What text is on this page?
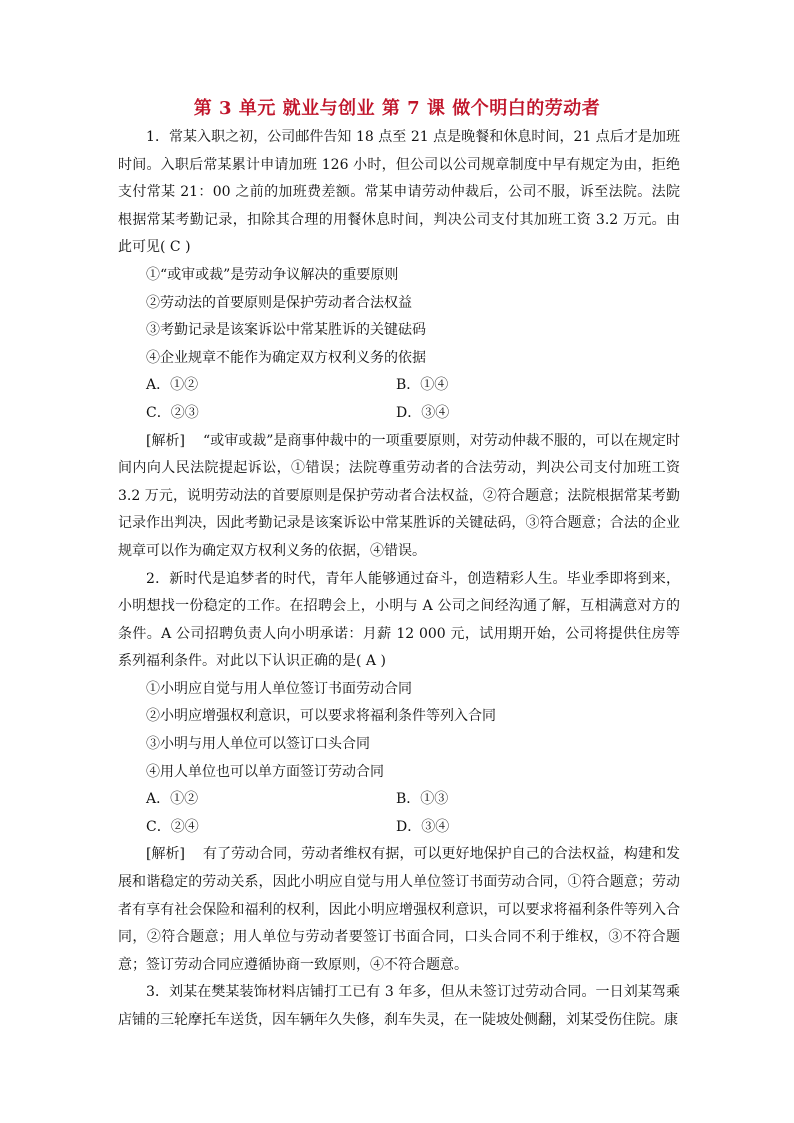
第 3 单元 就业与创业 第 7 课 做个明白的劳动者

1．常某入职之初，公司邮件告知 18 点至 21 点是晚餐和休息时间，21 点后才是加班时间。入职后常某累计申请加班 126 小时，但公司以公司规章制度中早有规定为由，拒绝支付常某 21：00 之前的加班费差额。常某申请劳动仲裁后，公司不服，诉至法院。法院根据常某考勤记录，扣除其合理的用餐休息时间，判决公司支付其加班工资 3.2 万元。由此可见( C )

①“或审或裁”是劳动争议解决的重要原则

②劳动法的首要原则是保护劳动者合法权益

③考勤记录是该案诉讼中常某胜诉的关键砝码

④企业规章不能作为确定双方权利义务的依据

A．①②	B．①④
C．②③	D．③④

[解析] “或审或裁”是商事仲裁中的一项重要原则，对劳动仲裁不服的，可以在规定时间内向人民法院提起诉讼，①错误；法院尊重劳动者的合法劳动，判决公司支付加班工资 3.2 万元，说明劳动法的首要原则是保护劳动者合法权益，②符合题意；法院根据常某考勤记录作出判决，因此考勤记录是该案诉讼中常某胜诉的关键砝码，③符合题意；合法的企业规章可以作为确定双方权利义务的依据，④错误。

2．新时代是追梦者的时代，青年人能够通过奋斗，创造精彩人生。毕业季即将到来，小明想找一份稳定的工作。在招聘会上，小明与 A 公司之间经沟通了解，互相满意对方的条件。A 公司招聘负责人向小明承诺：月薪 12 000 元，试用期开始，公司将提供住房等系列福利条件。对此以下认识正确的是( A )

①小明应自觉与用人单位签订书面劳动合同

②小明应增强权利意识，可以要求将福利条件等列入合同

③小明与用人单位可以签订口头合同

④用人单位也可以单方面签订劳动合同

A．①②	B．①③
C．②④	D．③④

[解析] 有了劳动合同，劳动者维权有据，可以更好地保护自己的合法权益，构建和发展和谐稳定的劳动关系，因此小明应自觉与用人单位签订书面劳动合同，①符合题意；劳动者有享有社会保险和福利的权利，因此小明应增强权利意识，可以要求将福利条件等列入合同，②符合题意；用人单位与劳动者要签订书面合同，口头合同不利于维权，③不符合题意；签订劳动合同应遵循协商一致原则，④不符合题意。

3．刘某在樊某装饰材料店铺打工已有 3 年多，但从未签订过劳动合同。一日刘某驾乘店铺的三轮摩托车送货，因车辆年久失修，刹车失灵，在一陡坡处侧翻，刘某受伤住院。康
